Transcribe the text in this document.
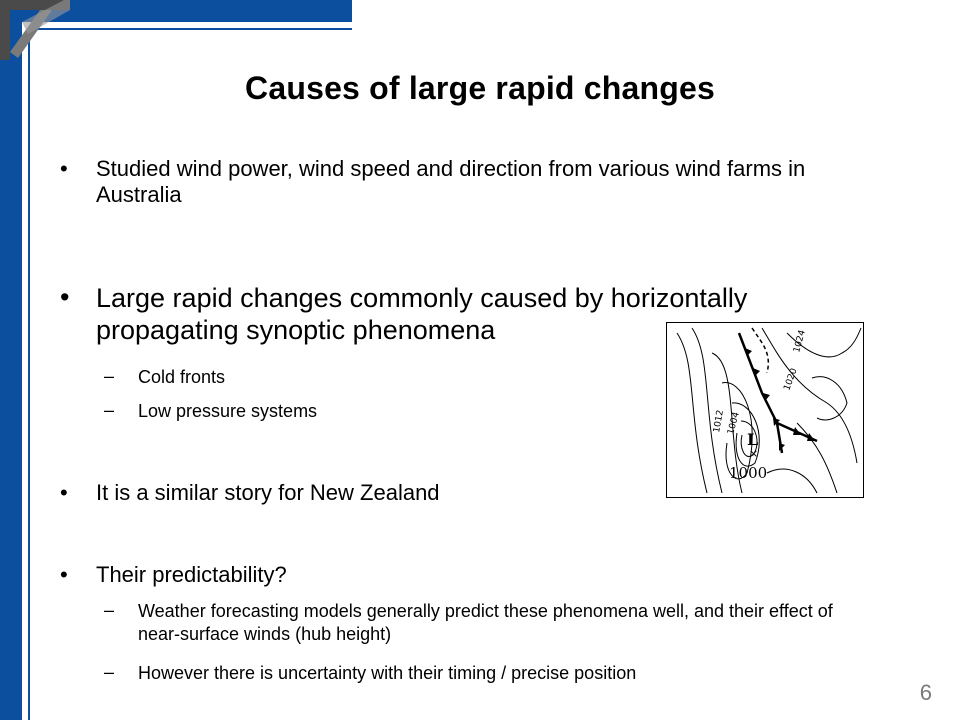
Causes of large rapid changes
•	Studied wind power, wind speed and direction from various wind farms in Australia
• Large rapid changes commonly caused by horizontally propagating synoptic phenomena
–	Cold fronts
–	Low pressure systems
•	It is a similar story for New Zealand
•	Their predictability?
–	Weather forecasting models generally predict these phenomena well, and their effect of near-surface winds (hub height)
–	However there is uncertainty with their timing / precise position
L
×
1000
1012 1004
1020
1024
6
